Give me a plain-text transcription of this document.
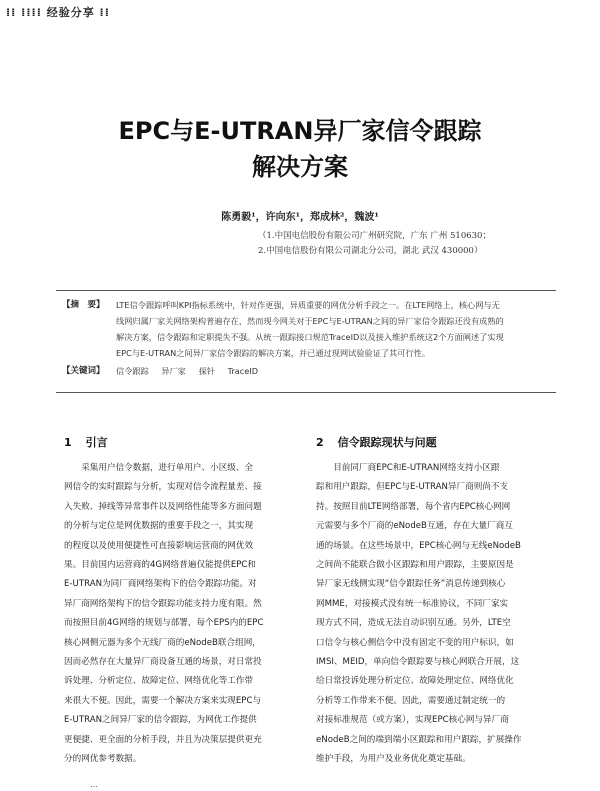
⁞⁞ ⁞⁞⁞⁞ 经验分享 ⁞⁞
EPC与E-UTRAN异厂家信令跟踪
解决方案
陈勇毅¹，许向东¹，郑成林²，魏波¹
（1.中国电信股份有限公司广州研究院，广东 广州 510630；
2.中国电信股份有限公司湖北分公司，湖北 武汉 430000）
【摘　要】	LTE信令跟踪呼叫KPI指标系统中，针对作更强，异质重要的网优分析手段之一。在LTE网络上，核心网与无
线网归属厂家关网络架构普遍存在，然而现今网关对于EPC与E-UTRAN之间的异厂家信令跟踪还没有成熟的
解决方案，信令跟踪和定职提失不强。从统一跟踪接口规范TraceID以及接入维护系统这2个方面阐述了实现
EPC与E-UTRAN之间异厂家信令跟踪的解决方案，并已通过现网试验验证了其可行性。
【关键词】	信令跟踪 异厂家 探针 TraceID
1 引言
　　采集用户信令数据，进行单用户、小区级、全
网信令的实时跟踪与分析，实现对信令流程量差、接
入失败、掉线等异常事件以及网络性能等多方面问题
的分析与定位是网优数据的重要手段之一，其实现
的程度以及使用便捷性可直接影响运营商的网优效
果。目前国内运营商的4G网络普遍仅能提供EPC和
E-UTRAN为同厂商网络架构下的信令跟踪功能。对
异厂商网络架构下的信令跟踪功能支持力度有限。然
而按照目前4G网络的规划与部署，每个EPS内的EPC
核心网侧元器为多个无线厂商的eNodeB联合组网，
因而必然存在大量异厂商设备互通的场景，对日常投
诉处理、分析定位、故障定位、网络优化等工作带
来很大不便。因此，需要一个解决方案来实现EPC与
E-UTRAN之间异厂家的信令跟踪，为网优工作提供
更便捷、更全面的分析手段，并且为决策层提供更充
分的网优参考数据。
2 信令跟踪现状与问题
　　目前同厂商EPC和E-UTRAN网络支持小区跟
踪和用户跟踪，但EPC与E-UTRAN异厂商则尚不支
持。按照目前LTE网络部署，每个省内EPC核心网网
元需要与多个厂商的eNodeB互通，存在大量厂商互
通的场景。在这些场景中，EPC核心网与无线eNodeB
之间尚不能联合做小区跟踪和用户跟踪，主要原因是
异厂家无线侧实现“信令跟踪任务”消息传递到核心
网MME，对接模式没有统一标准协议，不同厂家实
现方式不同，造成无法自动识别互通。另外，LTE空
口信令与核心侧信令中没有固定不变的用户标识，如
IMSI、MEID，单向信令跟踪要与核心网联合开展，这
给日常投诉处理分析定位、故障处理定位、网络优化
分析等工作带来不便。因此，需要通过制定统一的
对接标准规范（或方案），实现EPC核心网与异厂商
eNodeB之间的端到端小区跟踪和用户跟踪，扩展操作
维护手段，为用户及业务优化奠定基础。
…
